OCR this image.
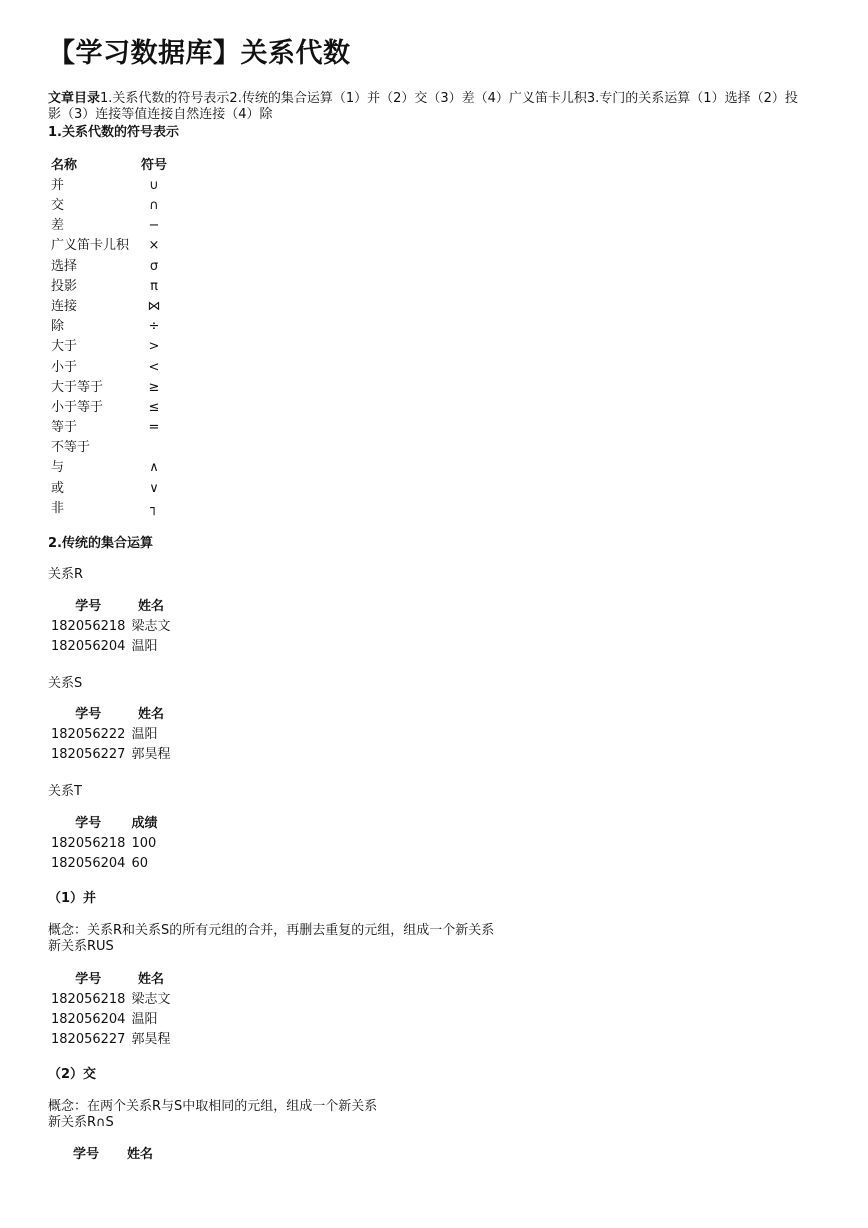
【学习数据库】关系代数
文章目录1.关系代数的符号表示2.传统的集合运算（1）并（2）交（3）差（4）广义笛卡儿积3.专门的关系运算（1）选择（2）投影（3）连接等值连接自然连接（4）除
1.关系代数的符号表示
名称	符号
并	∪
交	∩
差	−
广义笛卡儿积	×
选择	σ
投影	π
连接	⋈
除	÷
大于	>
小于	<
大于等于	≥
小于等于	≤
等于	=
不等于	
与	∧
或	∨
非	┐
2.传统的集合运算
关系R
学号	姓名
182056218	梁志文
182056204	温阳
关系S
学号	姓名
182056222	温阳
182056227	郭昊程
关系T
学号	成绩
182056218	100
182056204	60
（1）并
概念：关系R和关系S的所有元组的合并，再删去重复的元组，组成一个新关系
新关系RUS
学号	姓名
182056218	梁志文
182056204	温阳
182056227	郭昊程
（2）交
概念：在两个关系R与S中取相同的元组，组成一个新关系
新关系R∩S
学号	姓名
